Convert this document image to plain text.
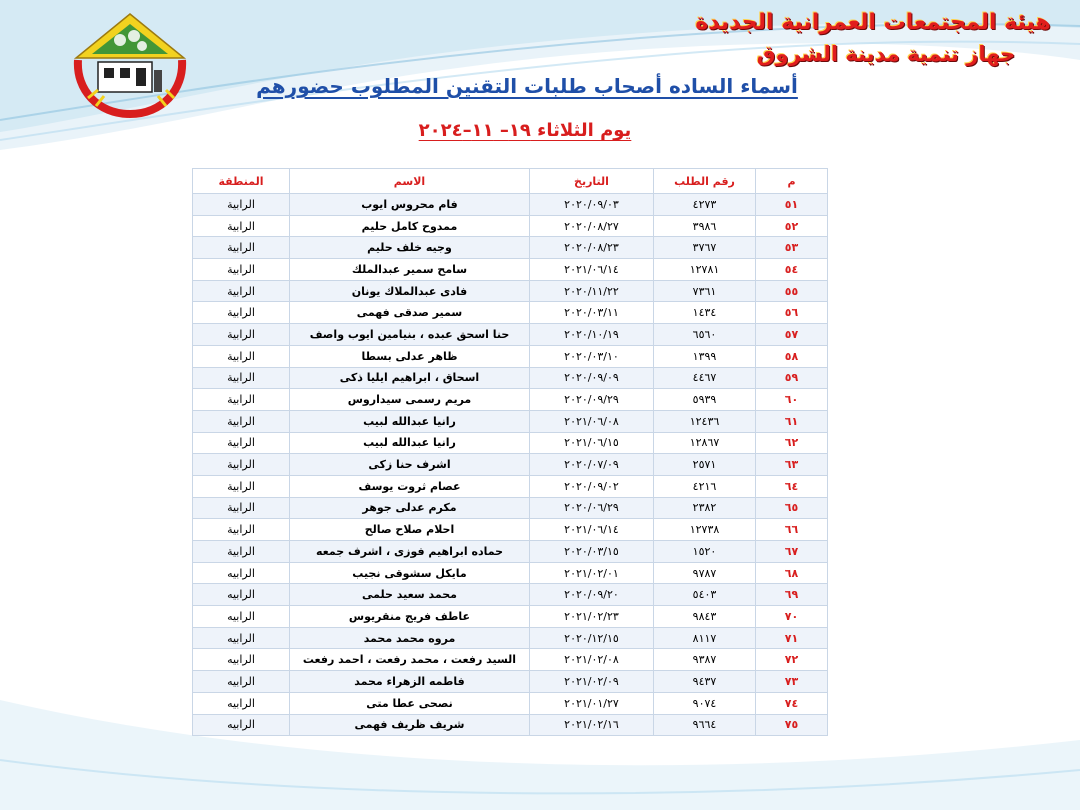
هيئة المجتمعات العمرانية الجديدة
جهاز تنمية مدينة الشروق
أسماء الساده أصحاب طلبات التقنين المطلوب حضورهم
يوم الثلاثاء ١٩– ١١–٢٠٢٤
م	رقم الطلب	التاريخ	الاسم	المنطقة
٥١	٤٢٧٣	٢٠٢٠/٠٩/٠٣	فام محروس ايوب	الرابية
٥٢	٣٩٨٦	٢٠٢٠/٠٨/٢٧	ممدوح كامل حليم	الرابية
٥٣	٣٧٦٧	٢٠٢٠/٠٨/٢٣	وجيه خلف حليم	الرابية
٥٤	١٢٧٨١	٢٠٢١/٠٦/١٤	سامح سمير عبدالملك	الرابية
٥٥	٧٣٦١	٢٠٢٠/١١/٢٢	فادى عبدالملاك يونان	الرابية
٥٦	١٤٣٤	٢٠٢٠/٠٣/١١	سمير صدقى فهمى	الرابية
٥٧	٦٥٦٠	٢٠٢٠/١٠/١٩	حنا اسحق عبده ، بنيامين ايوب واصف	الرابية
٥٨	١٣٩٩	٢٠٢٠/٠٣/١٠	ظاهر عدلى بسطا	الرابية
٥٩	٤٤٦٧	٢٠٢٠/٠٩/٠٩	اسحاق ، ابراهيم ايليا ذكى	الرابية
٦٠	٥٩٣٩	٢٠٢٠/٠٩/٢٩	مريم رسمى سيداروس	الرابية
٦١	١٢٤٣٦	٢٠٢١/٠٦/٠٨	رانيا عبدالله لبيب	الرابية
٦٢	١٢٨٦٧	٢٠٢١/٠٦/١٥	رانيا عبدالله لبيب	الرابية
٦٣	٢٥٧١	٢٠٢٠/٠٧/٠٩	اشرف حنا زكى	الرابية
٦٤	٤٢١٦	٢٠٢٠/٠٩/٠٢	عصام ثروت يوسف	الرابية
٦٥	٢٣٨٢	٢٠٢٠/٠٦/٢٩	مكرم عدلى جوهر	الرابية
٦٦	١٢٧٣٨	٢٠٢١/٠٦/١٤	احلام صلاح صالح	الرابية
٦٧	١٥٢٠	٢٠٢٠/٠٣/١٥	حماده ابراهيم فوزى ، اشرف جمعه	الرابية
٦٨	٩٧٨٧	٢٠٢١/٠٢/٠١	مايكل سشوقى نجيب	الرابيه
٦٩	٥٤٠٣	٢٠٢٠/٠٩/٢٠	محمد سعيد حلمى	الرابيه
٧٠	٩٨٤٣	٢٠٢١/٠٢/٢٣	عاطف فريج منقريوس	الرابيه
٧١	٨١١٧	٢٠٢٠/١٢/١٥	مروه محمد محمد	الرابيه
٧٢	٩٣٨٧	٢٠٢١/٠٢/٠٨	السيد رفعت ، محمد رفعت ، احمد رفعت	الرابيه
٧٣	٩٤٣٧	٢٠٢١/٠٢/٠٩	فاطمه الزهراء محمد	الرابيه
٧٤	٩٠٧٤	٢٠٢١/٠١/٢٧	نصحى عطا متى	الرابيه
٧٥	٩٦٦٤	٢٠٢١/٠٢/١٦	شريف ظريف فهمى	الرابيه
